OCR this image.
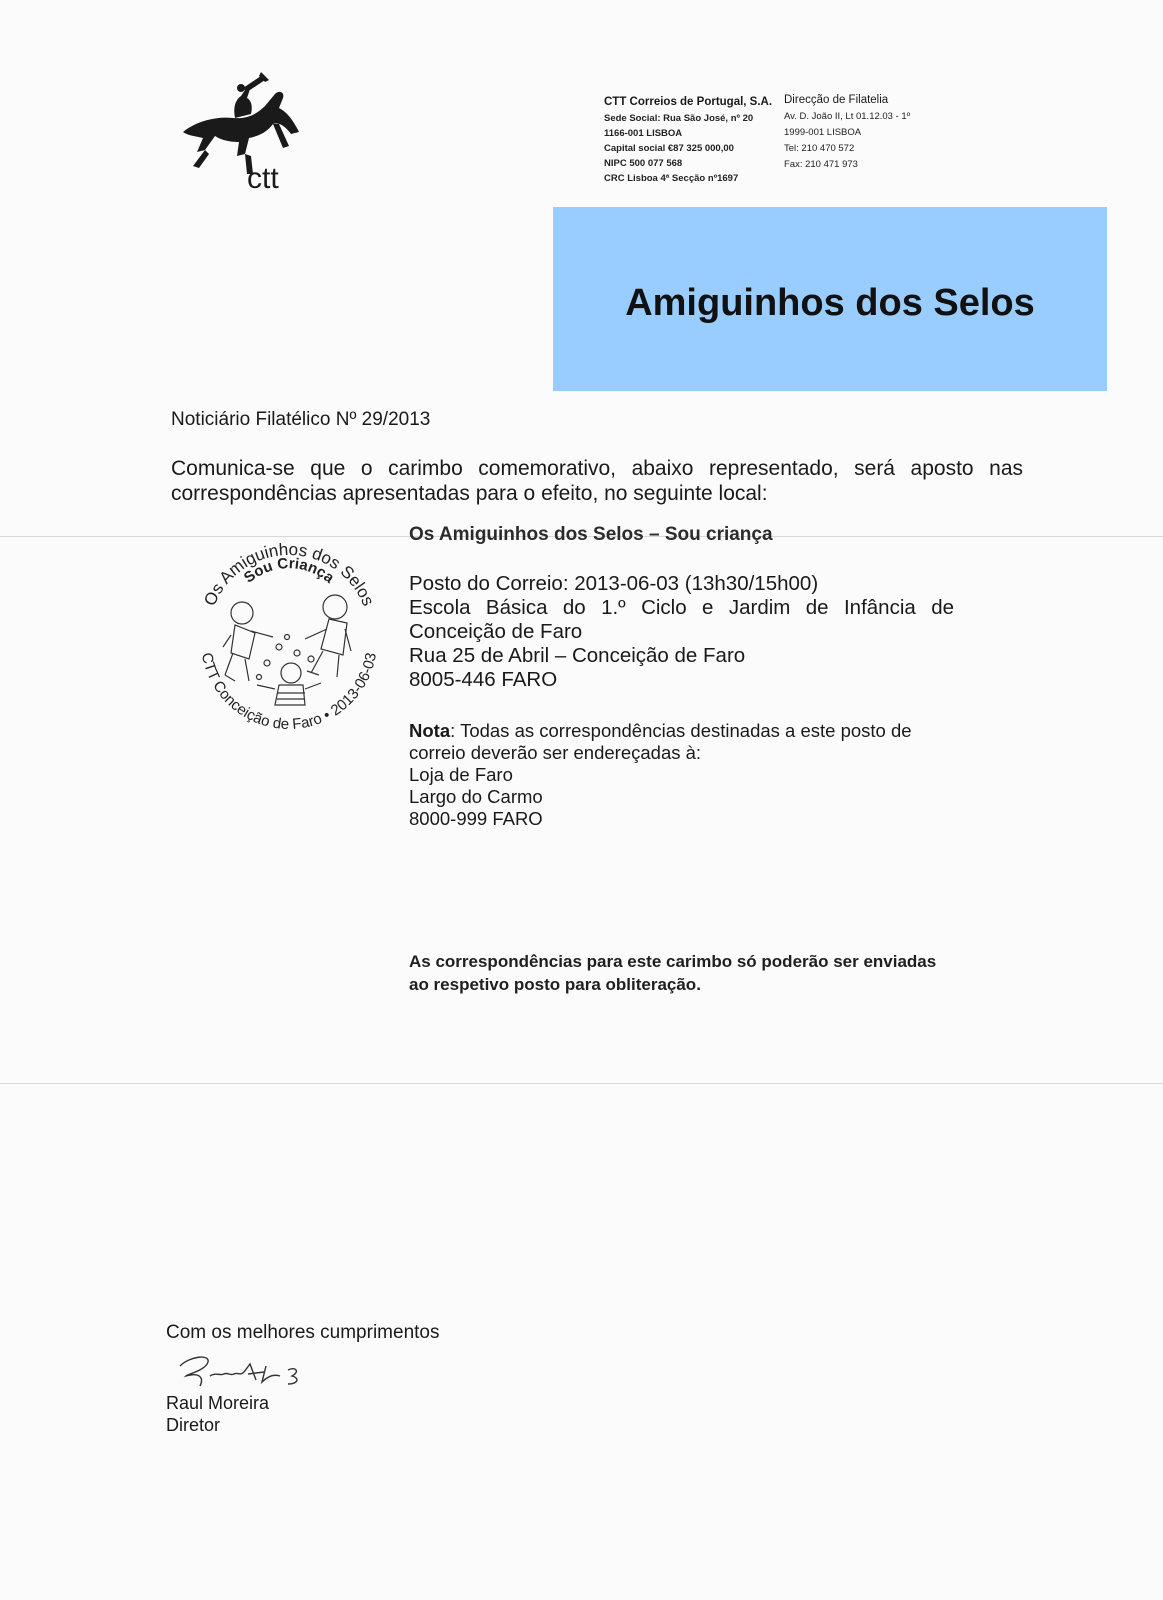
ctt
CTT Correios de Portugal, S.A.
Sede Social: Rua São José, nº 20
1166-001 LISBOA
Capital social €87 325 000,00
NIPC 500 077 568
CRC Lisboa 4ª Secção nº1697
Direcção de Filatelia
Av. D. João II, Lt 01.12.03 - 1º
1999-001 LISBOA
Tel: 210 470 572
Fax: 210 471 973
Amiguinhos dos Selos
Noticiário Filatélico Nº 29/2013
Comunica-se que o carimbo comemorativo, abaixo representado, será aposto nas
correspondências apresentadas para o efeito, no seguinte local:
Os Amiguinhos dos Selos
Sou Criança
CTT Conceição de Faro • 2013-06-03
Os Amiguinhos dos Selos – Sou criança
Posto do Correio: 2013-06-03 (13h30/15h00)
Escola Básica do 1.º Ciclo e Jardim de Infância de
Conceição de Faro
Rua 25 de Abril – Conceição de Faro
8005-446 FARO
Nota: Todas as correspondências destinadas a este posto de
correio deverão ser endereçadas à:
Loja de Faro
Largo do Carmo
8000-999 FARO
As correspondências para este carimbo só poderão ser enviadas
ao respetivo posto para obliteração.
Com os melhores cumprimentos
Raul Moreira
Diretor
